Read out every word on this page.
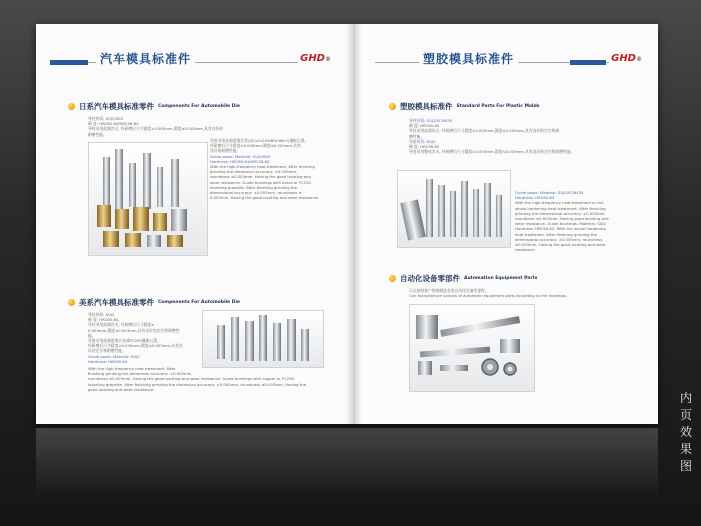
汽车模具标准件	GHD®
日系汽车模具标准零件 Components For Automobile Die
导柱材质: SUJ2/SKS
硬 度: HRC60-64/HRC56-60
导柱采用高频淬火, 经研磨后尺寸精度±0.005mm,圆度≤0.003mm,具有良好的
耐磨性能。
导套采用高强度铜合金(ZCuZn25Al6Fe3Mn3)镶嵌石墨,
经研磨后尺寸精度±0.005mm,圆度≤0.003mm,具有
良好的耐磨性能。
Guide posts: Material: SUJ2/SKS
Hardness: HRC60-64/HRC56-60
With the high-frequency heat treatment, After finishing
grinding the dimension accuracy: ±0.005mm,
roundness ≤0.003mm. Having the good locating and
wear resistance. Guide bushings with brass or FC250
inserting graphite. After finishing grinding the
dimensional accuracy: ±0.005mm, roundness ≤
0.003mm. Having the good locating and wear resistance.
美系汽车模具标准零件 Components For Automobile Die
导柱材质: SUJ2
硬 度: HRC60-64,
导柱采用高频淬火, 经研磨后尺寸精度±
0.005mm,圆度≤0.003mm,具有良好的定位和耐磨性
能。
导套采用高强度铜合金或FC250镶嵌石墨,
经研磨后尺寸精度±0.005mm,圆度≤0.003mm,具有良
好的定位和耐磨性能。
Guide posts: Material: SUJ2
Hardness: HRC60-64
With the high-frequency heat treatment. After
finishing grinding the dimension accuracy: ±0.005mm,
roundness ≤0.003mm. Having the good locating and wear resistance. Guide bushings with copper or FC250
inserting graphite. After finishing grinding the dimension accuracy: ±0.005mm, roundness ≤0.003mm. Having the
good locating and wear resistance.
塑胶模具标准件	GHD®
塑胶模具标准件 Standard Parts For Plastic Molds
导柱材质: SUJ2/SCM435
硬 度: HRC60-64
导柱采用高频淬火, 经研磨后尺寸精度±0.005mm,圆度≤0.003mm,具有良好的定位和耐
磨性能。
导套材质: SUJ2,
硬 度: HRC58-62
导套采用整体淬火, 经研磨后尺寸精度±0.005mm,圆度≤0.003mm,具有良好的定位和耐磨性能。
Guide posts: Material: SUJ2/SCM435
Hardness: HRC60-64
With the high-frequency heat treatment or the
whole hardening heat treatment. After finishing
grinding the dimensional accuracy: ±0.005mm,
roundness ≤0.003mm. Having good locating and
wear resistance. Guide bushings: Material: SUJ2
Hardness: HRC58-62. With the whole hardening
heat treatment. After finishing grinding the
dimensional accuracy: ±0.005mm, roundness
≤0.003mm. Having the good locating and wear
resistance.
自动化设备零部件 Automation Equipment Parts
可以按照客户图纸制造各类自动化设备零部件。
Can manufacture various of automatic equipment parts according to the drawings.
内
页
效
果
图
